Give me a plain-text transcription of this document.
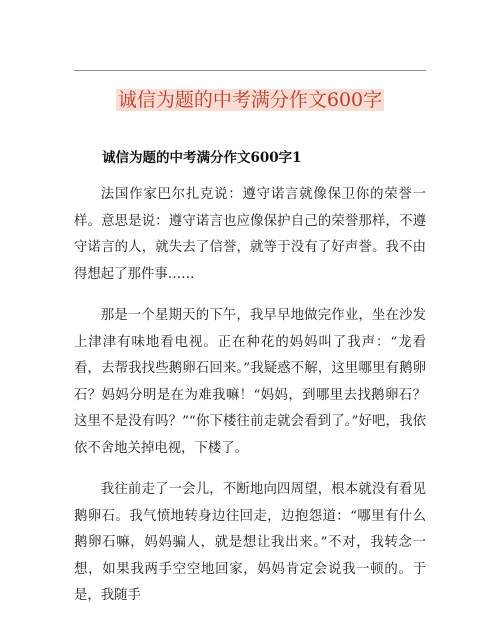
诚信为题的中考满分作文600字
诚信为题的中考满分作文600字1

法国作家巴尔扎克说：遵守诺言就像保卫你的荣誉一样。意思是说：遵守诺言也应像保护自己的荣誉那样，不遵守诺言的人，就失去了信誉，就等于没有了好声誉。我不由得想起了那件事……

那是一个星期天的下午，我早早地做完作业，坐在沙发上津津有味地看电视。正在种花的妈妈叫了我声：“龙看看，去帮我找些鹅卵石回来。”我疑惑不解，这里哪里有鹅卵石？妈妈分明是在为难我嘛！“妈妈，到哪里去找鹅卵石？这里不是没有吗？”“你下楼往前走就会看到了。”好吧，我依依不舍地关掉电视，下楼了。

我往前走了一会儿，不断地向四周望，根本就没有看见鹅卵石。我气愤地转身边往回走，边抱怨道：“哪里有什么鹅卵石嘛，妈妈骗人，就是想让我出来。”不对，我转念一想，如果我两手空空地回家，妈妈肯定会说我一顿的。于是，我随手
